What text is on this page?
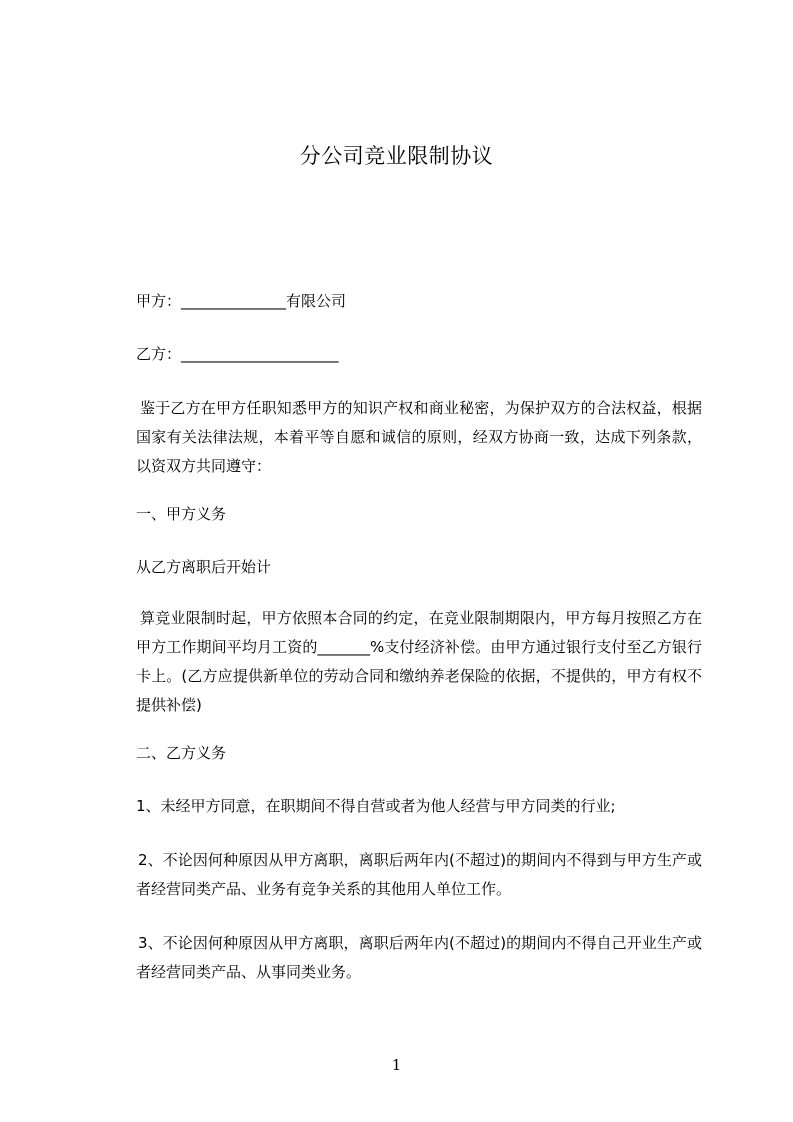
分公司竞业限制协议
甲方：______________有限公司
乙方：_____________________
鉴于乙方在甲方任职知悉甲方的知识产权和商业秘密，为保护双方的合法权益，根据国家有关法律法规，本着平等自愿和诚信的原则，经双方协商一致，达成下列条款，以资双方共同遵守：
一、甲方义务
从乙方离职后开始计
算竞业限制时起，甲方依照本合同的约定，在竞业限制期限内，甲方每月按照乙方在甲方工作期间平均月工资的_______%支付经济补偿。由甲方通过银行支付至乙方银行卡上。(乙方应提供新单位的劳动合同和缴纳养老保险的依据，不提供的，甲方有权不提供补偿)
二、乙方义务
1、未经甲方同意，在职期间不得自营或者为他人经营与甲方同类的行业;
2、不论因何种原因从甲方离职，离职后两年内(不超过)的期间内不得到与甲方生产或者经营同类产品、业务有竞争关系的其他用人单位工作。
3、不论因何种原因从甲方离职，离职后两年内(不超过)的期间内不得自己开业生产或者经营同类产品、从事同类业务。
1
